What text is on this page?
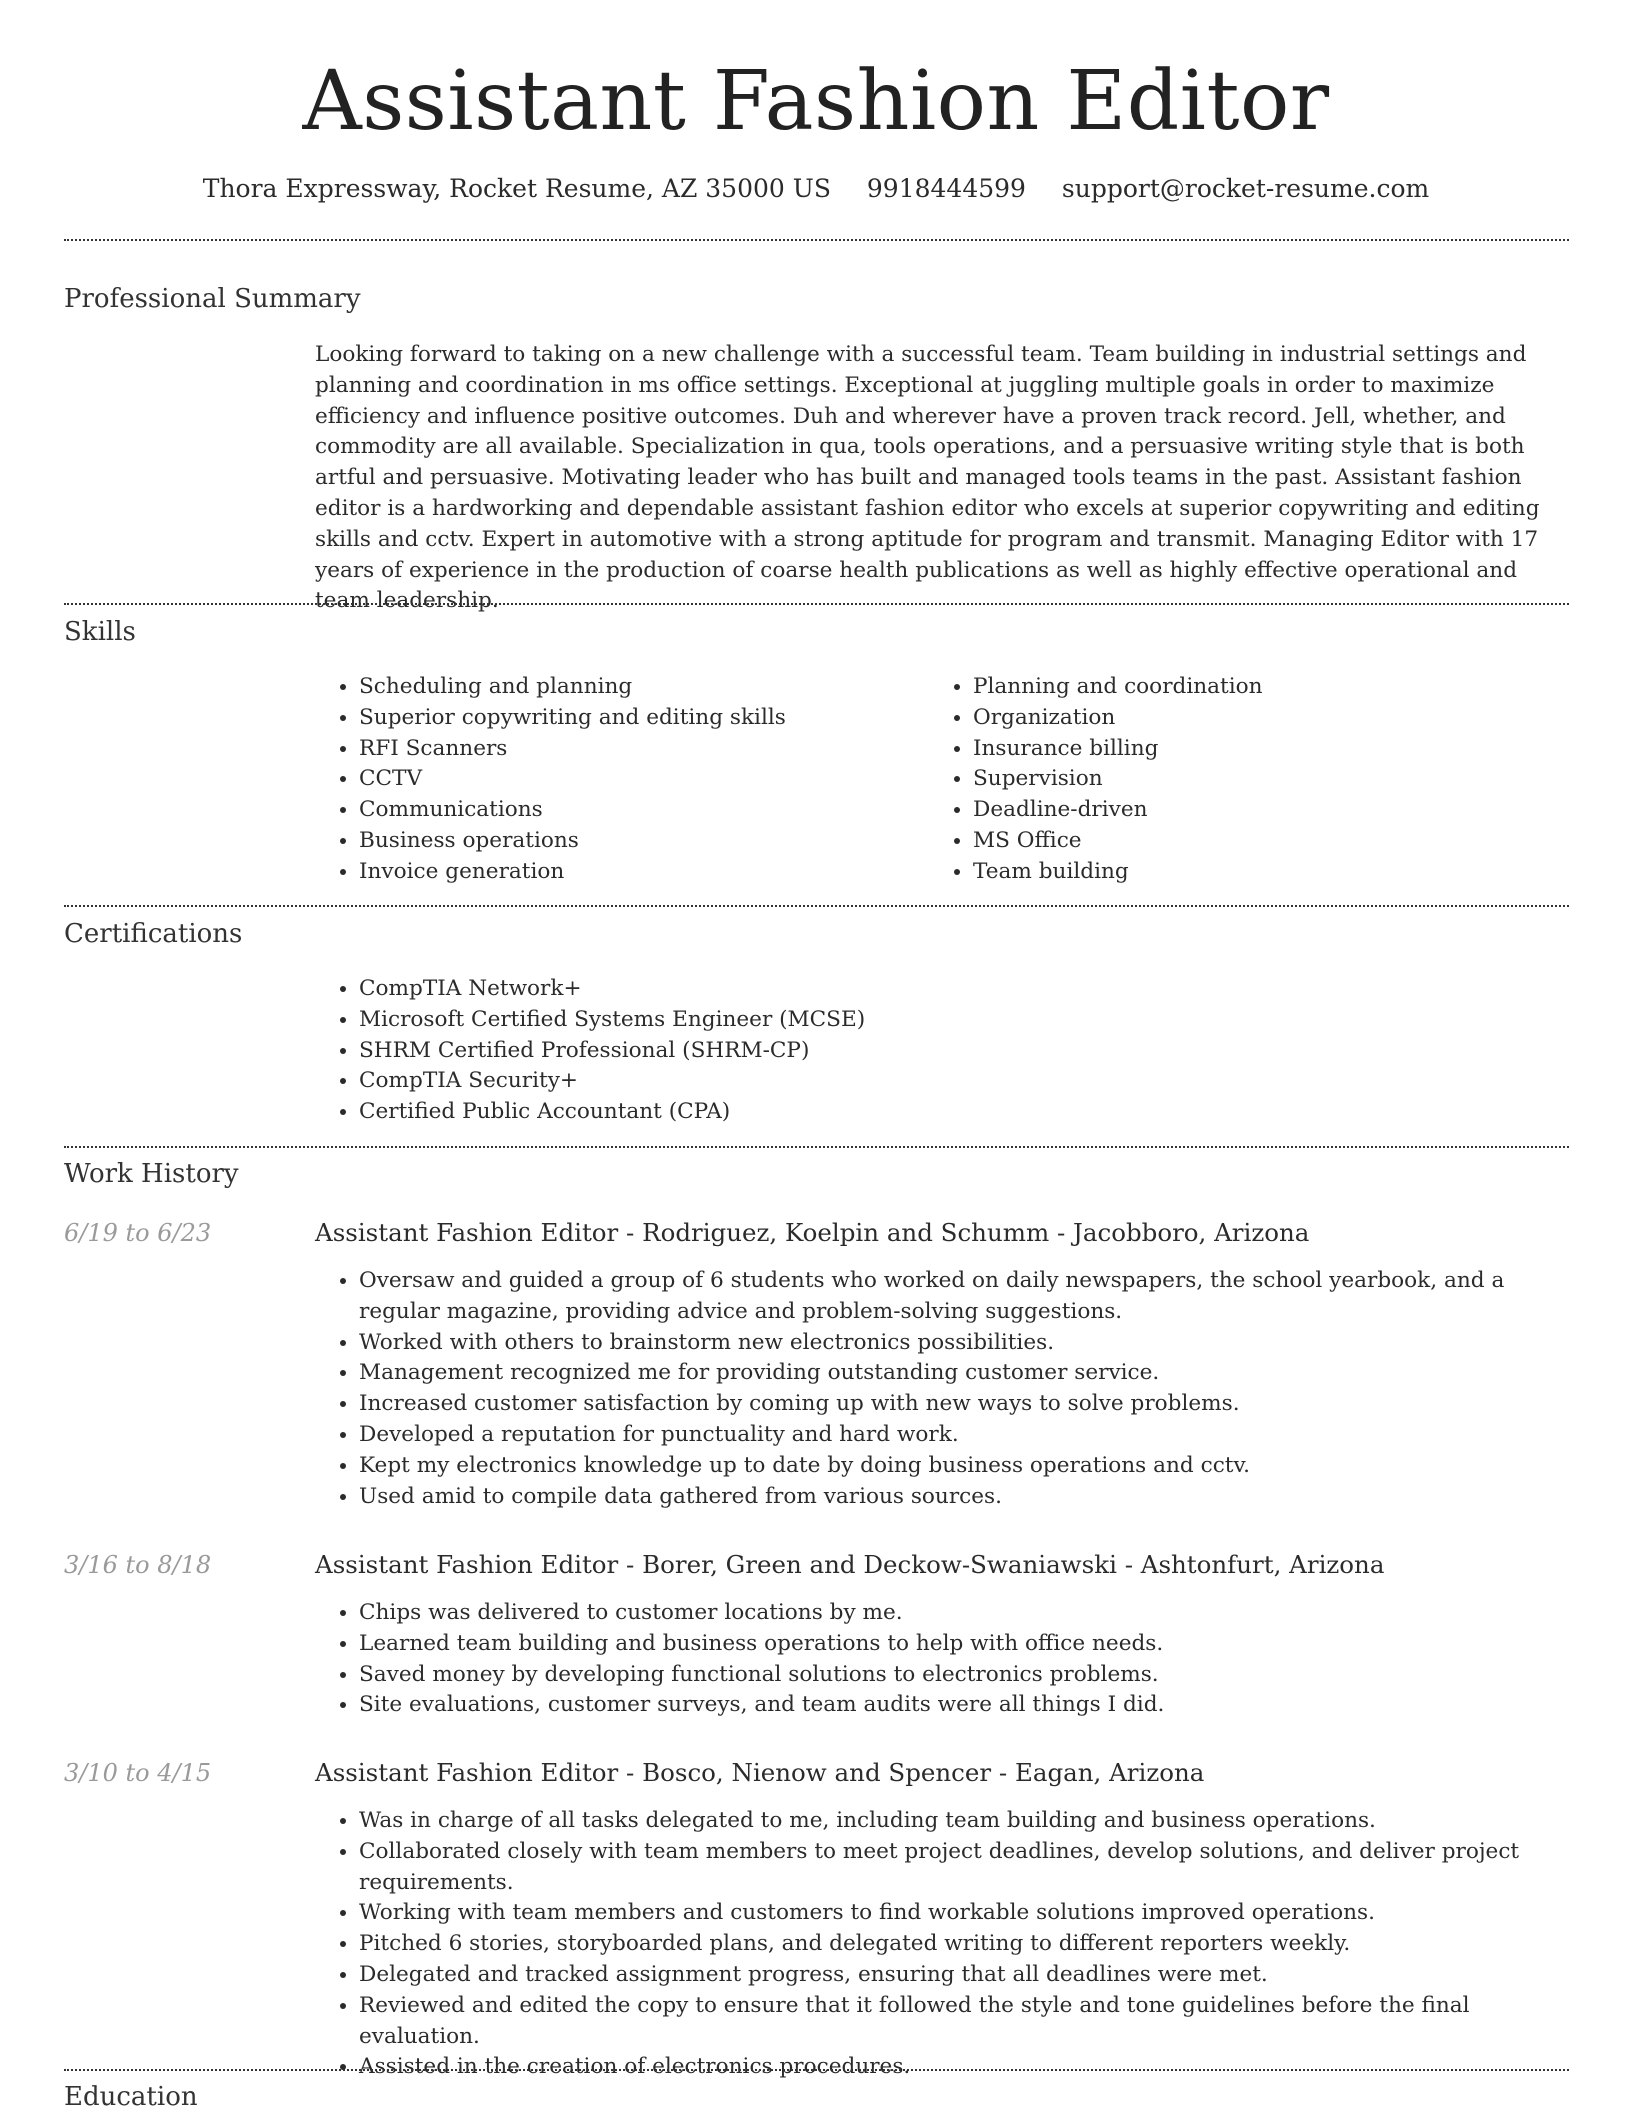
Assistant Fashion Editor
Thora Expressway, Rocket Resume, AZ 35000 US 9918444599 support@rocket-resume.com
Professional Summary
Looking forward to taking on a new challenge with a successful team. Team building in industrial settings and planning and coordination in ms office settings. Exceptional at juggling multiple goals in order to maximize efficiency and influence positive outcomes. Duh and wherever have a proven track record. Jell, whether, and commodity are all available. Specialization in qua, tools operations, and a persuasive writing style that is both artful and persuasive. Motivating leader who has built and managed tools teams in the past. Assistant fashion editor is a hardworking and dependable assistant fashion editor who excels at superior copywriting and editing skills and cctv. Expert in automotive with a strong aptitude for program and transmit. Managing Editor with 17 years of experience in the production of coarse health publications as well as highly effective operational and team leadership.
Skills
• Scheduling and planning
• Superior copywriting and editing skills
• RFI Scanners
• CCTV
• Communications
• Business operations
• Invoice generation
• Planning and coordination
• Organization
• Insurance billing
• Supervision
• Deadline-driven
• MS Office
• Team building
Certifications
• CompTIA Network+
• Microsoft Certified Systems Engineer (MCSE)
• SHRM Certified Professional (SHRM-CP)
• CompTIA Security+
• Certified Public Accountant (CPA)
Work History
6/19 to 6/23	Assistant Fashion Editor - Rodriguez, Koelpin and Schumm - Jacobboro, Arizona
• Oversaw and guided a group of 6 students who worked on daily newspapers, the school yearbook, and a regular magazine, providing advice and problem-solving suggestions.
• Worked with others to brainstorm new electronics possibilities.
• Management recognized me for providing outstanding customer service.
• Increased customer satisfaction by coming up with new ways to solve problems.
• Developed a reputation for punctuality and hard work.
• Kept my electronics knowledge up to date by doing business operations and cctv.
• Used amid to compile data gathered from various sources.
3/16 to 8/18	Assistant Fashion Editor - Borer, Green and Deckow-Swaniawski - Ashtonfurt, Arizona
• Chips was delivered to customer locations by me.
• Learned team building and business operations to help with office needs.
• Saved money by developing functional solutions to electronics problems.
• Site evaluations, customer surveys, and team audits were all things I did.
3/10 to 4/15	Assistant Fashion Editor - Bosco, Nienow and Spencer - Eagan, Arizona
• Was in charge of all tasks delegated to me, including team building and business operations.
• Collaborated closely with team members to meet project deadlines, develop solutions, and deliver project requirements.
• Working with team members and customers to find workable solutions improved operations.
• Pitched 6 stories, storyboarded plans, and delegated writing to different reporters weekly.
• Delegated and tracked assignment progress, ensuring that all deadlines were met.
• Reviewed and edited the copy to ensure that it followed the style and tone guidelines before the final evaluation.
• Assisted in the creation of electronics procedures.
Education
